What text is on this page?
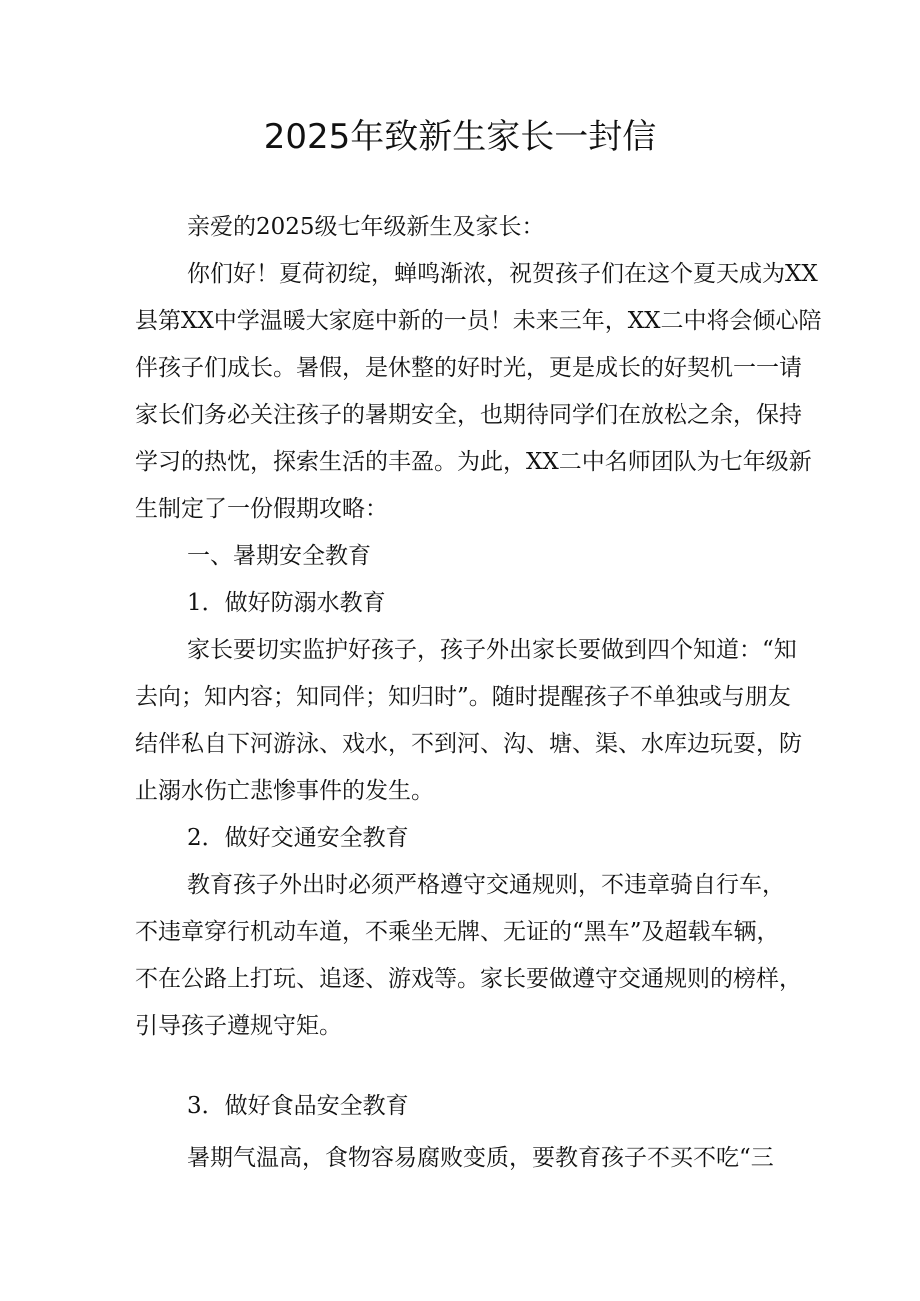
2025年致新生家长一封信
亲爱的2025级七年级新生及家长：
你们好！夏荷初绽，蝉鸣渐浓，祝贺孩子们在这个夏天成为XX
县第XX中学温暖大家庭中新的一员！未来三年，XX二中将会倾心陪
伴孩子们成长。暑假，是休整的好时光，更是成长的好契机一一请
家长们务必关注孩子的暑期安全，也期待同学们在放松之余，保持
学习的热忱，探索生活的丰盈。为此，XX二中名师团队为七年级新
生制定了一份假期攻略：
一、暑期安全教育
1．做好防溺水教育
家长要切实监护好孩子，孩子外出家长要做到四个知道：“知
去向；知内容；知同伴；知归时”。随时提醒孩子不单独或与朋友
结伴私自下河游泳、戏水，不到河、沟、塘、渠、水库边玩耍，防
止溺水伤亡悲惨事件的发生。
2．做好交通安全教育
教育孩子外出时必须严格遵守交通规则，不违章骑自行车，
不违章穿行机动车道，不乘坐无牌、无证的“黑车”及超载车辆，
不在公路上打玩、追逐、游戏等。家长要做遵守交通规则的榜样，
引导孩子遵规守矩。
3．做好食品安全教育
暑期气温高，食物容易腐败变质，要教育孩子不买不吃“三
